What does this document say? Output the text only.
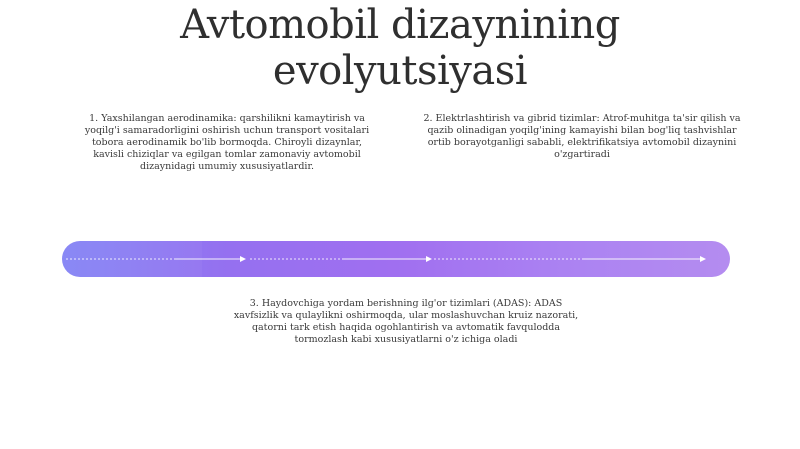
Avtomobil dizaynining
evolyutsiyasi
1. Yaxshilangan aerodinamika: qarshilikni kamaytirish va yoqilg'i samaradorligini oshirish uchun transport vositalari tobora aerodinamik bo'lib bormoqda. Chiroyli dizaynlar, kavisli chiziqlar va egilgan tomlar zamonaviy avtomobil dizaynidagi umumiy xususiyatlardir.
2. Elektrlashtirish va gibrid tizimlar: Atrof-muhitga ta'sir qilish va qazib olinadigan yoqilg'ining kamayishi bilan bog'liq tashvishlar ortib borayotganligi sababli, elektrifikatsiya avtomobil dizaynini o'zgartiradi
3. Haydovchiga yordam berishning ilg'or tizimlari (ADAS): ADAS xavfsizlik va qulaylikni oshirmoqda, ular moslashuvchan kruiz nazorati, qatorni tark etish haqida ogohlantirish va avtomatik favqulodda tormozlash kabi xususiyatlarni o'z ichiga oladi
